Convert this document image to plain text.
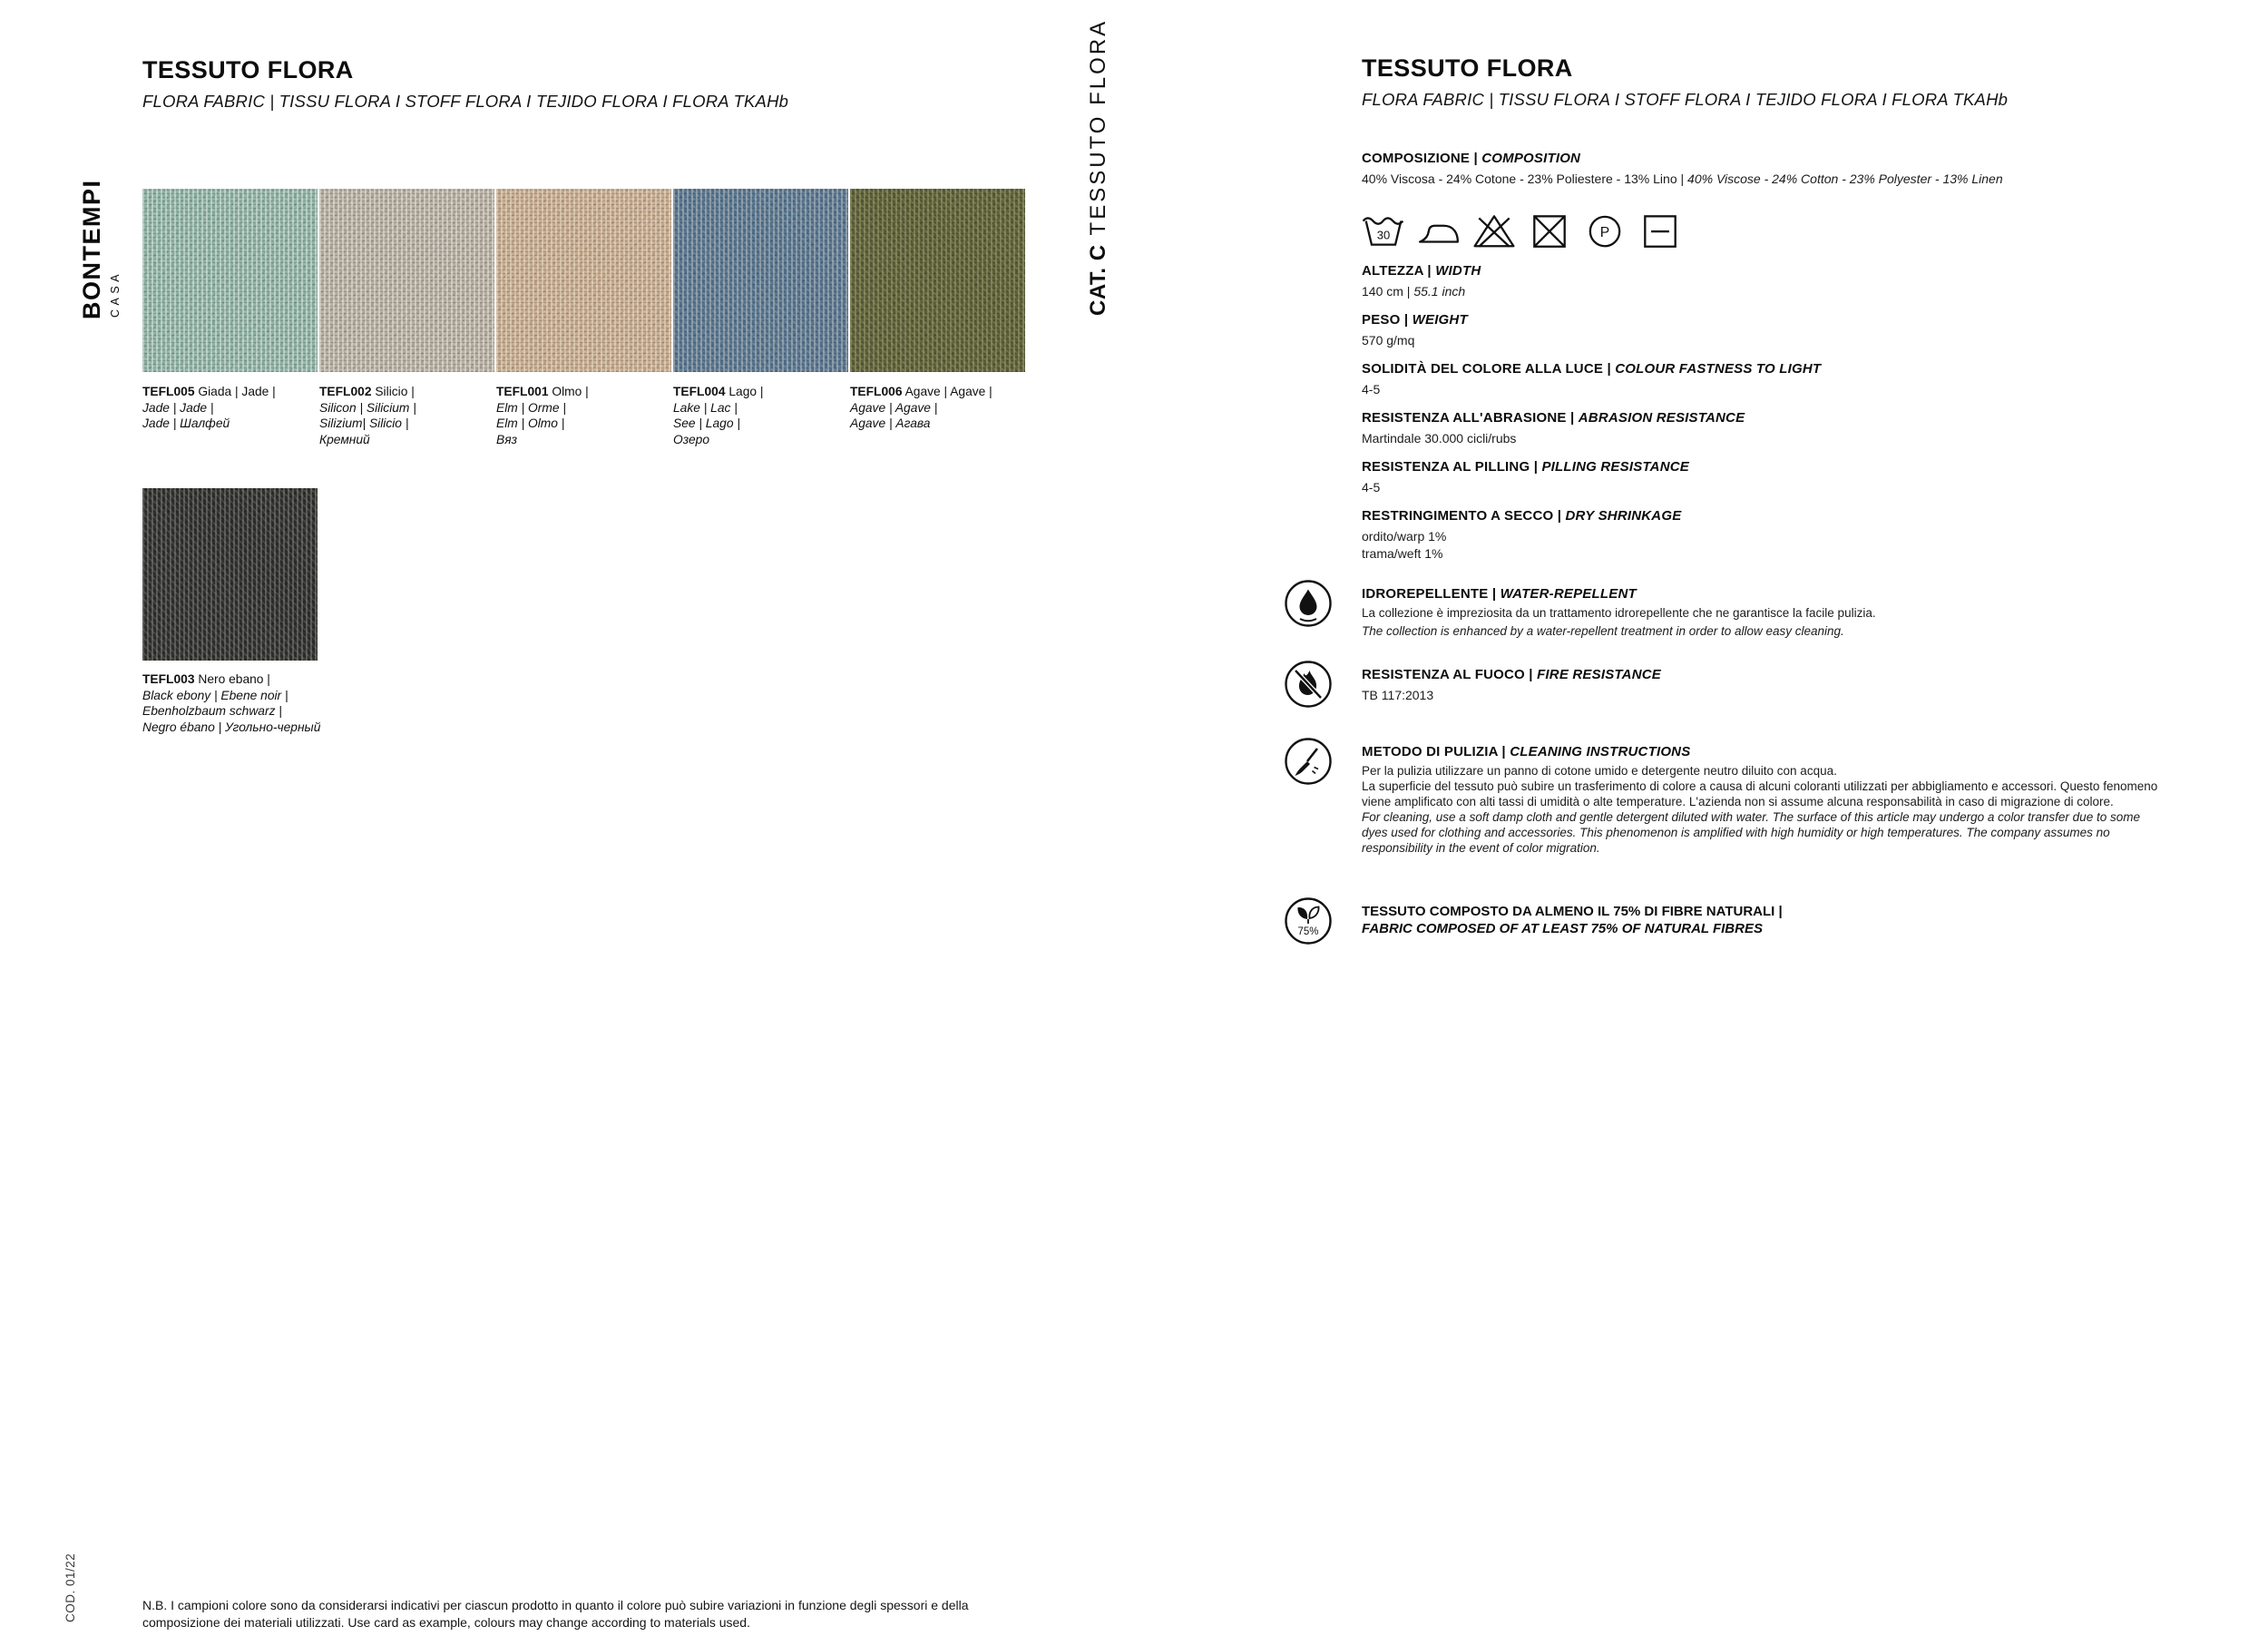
BONTEMPI CASA
TESSUTO FLORA
FLORA FABRIC | TISSU FLORA I STOFF FLORA I TEJIDO FLORA I FLORA TKAHb
TEFL005 Giada | Jade |
Jade | Jade |
Jade | Шалфей
TEFL002 Silicio |
Silicon | Silicium |
Silizium| Silicio |
Кремний
TEFL001 Olmo |
Elm | Orme |
Elm | Olmo |
Вяз
TEFL004 Lago |
Lake | Lac |
See | Lago |
Озеро
TEFL006 Agave | Agave |
Agave | Agave |
Agave | Агава
TEFL003 Nero ebano |
Black ebony | Ebene noir |
Ebenholzbaum schwarz |
Negro ébano | Угольно-черный
COD. 01/22	N.B. I campioni colore sono da considerarsi indicativi per ciascun prodotto in quanto il colore può subire variazioni in funzione degli spessori e della composizione dei materiali utilizzati. Use card as example, colours may change according to materials used.
CAT. CTESSUTO FLORA	TESSUTO FLORA
FLORA FABRIC | TISSU FLORA I STOFF FLORA I TEJIDO FLORA I FLORA TKAHb
COMPOSIZIONE | COMPOSITION
40% Viscosa - 24% Cotone - 23% Poliestere - 13% Lino | 40% Viscose - 24% Cotton - 23% Polyester - 13% Linen
30	P
ALTEZZA | WIDTH
140 cm | 55.1 inch
PESO | WEIGHT
570 g/mq
SOLIDITÀ DEL COLORE ALLA LUCE | COLOUR FASTNESS TO LIGHT
4-5
RESISTENZA ALL'ABRASIONE | ABRASION RESISTANCE
Martindale 30.000 cicli/rubs
RESISTENZA AL PILLING | PILLING RESISTANCE
4-5
RESTRINGIMENTO A SECCO | DRY SHRINKAGE
ordito/warp 1%
trama/weft 1%
IDROREPELLENTE | WATER-REPELLENT
La collezione è impreziosita da un trattamento idrorepellente che ne garantisce la facile pulizia.
The collection is enhanced by a water-repellent treatment in order to allow easy cleaning.
RESISTENZA AL FUOCO | FIRE RESISTANCE
TB 117:2013
METODO DI PULIZIA | CLEANING INSTRUCTIONS
Per la pulizia utilizzare un panno di cotone umido e detergente neutro diluito con acqua.
La superficie del tessuto può subire un trasferimento di colore a causa di alcuni coloranti utilizzati per abbigliamento e accessori. Questo fenomeno viene amplificato con alti tassi di umidità o alte temperature. L'azienda non si assume alcuna responsabilità in caso di migrazione di colore.
For cleaning, use a soft damp cloth and gentle detergent diluted with water. The surface of this article may undergo a color transfer due to some dyes used for clothing and accessories. This phenomenon is amplified with high humidity or high temperatures. The company assumes no responsibility in the event of color migration.
75%
TESSUTO COMPOSTO DA ALMENO IL 75% DI FIBRE NATURALI |
FABRIC COMPOSED OF AT LEAST 75% OF NATURAL FIBRES
